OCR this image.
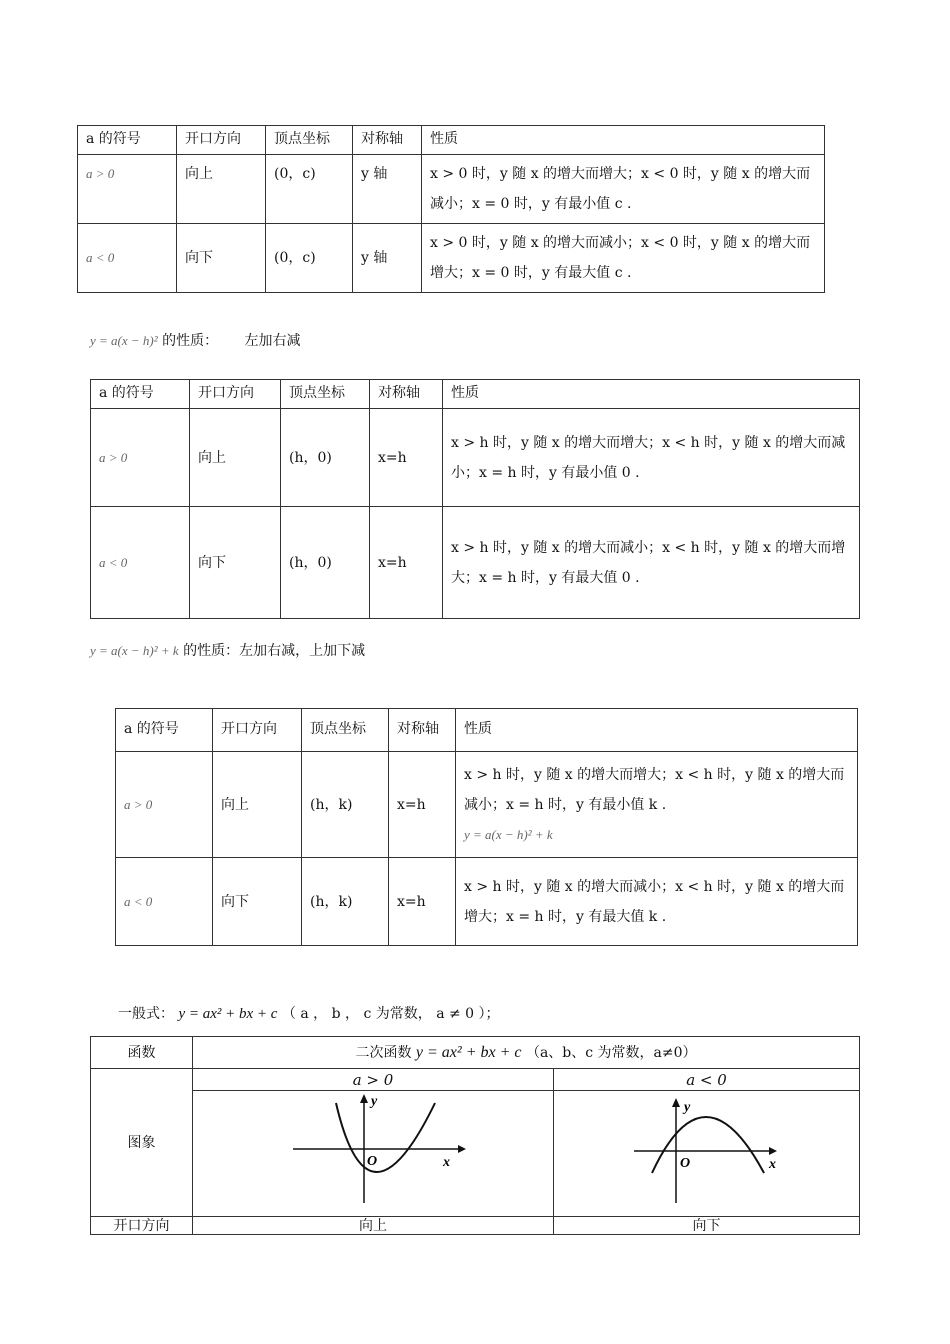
a 的符号	开口方向	顶点坐标	对称轴	性质
a > 0	向上	(0，c)	y 轴	x > 0 时，y 随 x 的增大而增大；x < 0 时，y 随 x 的增大而减小；x = 0 时，y 有最小值 c .
a < 0	向下	(0，c)	y 轴	x > 0 时，y 随 x 的增大而减小；x < 0 时，y 随 x 的增大而增大；x = 0 时，y 有最大值 c .
y = a(x − h)² 的性质： 左加右减
a 的符号	开口方向	顶点坐标	对称轴	性质
a > 0	向上	(h，0)	x=h	x > h 时，y 随 x 的增大而增大；x < h 时，y 随 x 的增大而减小；x = h 时，y 有最小值 0 .
a < 0	向下	(h，0)	x=h	x > h 时，y 随 x 的增大而减小；x < h 时，y 随 x 的增大而增大；x = h 时，y 有最大值 0 .
y = a(x − h)² + k 的性质：左加右减，上加下减
a 的符号	开口方向	顶点坐标	对称轴	性质
a > 0	向上	(h，k)	x=h	x > h 时，y 随 x 的增大而增大；x < h 时，y 随 x 的增大而减小；x = h 时，y 有最小值 k .
y = a(x − h)² + k

a < 0	向下	(h，k)	x=h	x > h 时，y 随 x 的增大而减小；x < h 时，y 随 x 的增大而增大；x = h 时，y 有最大值 k .
一般式： y = ax² + bx + c （ a ， b ， c 为常数， a ≠ 0 ）；
函数	二次函数 y = ax² + bx + c （a、b、c 为常数，a≠0）	
图象	a > 0	a < 0

y
x
O	y
x
O

开口方向	向上	向下
